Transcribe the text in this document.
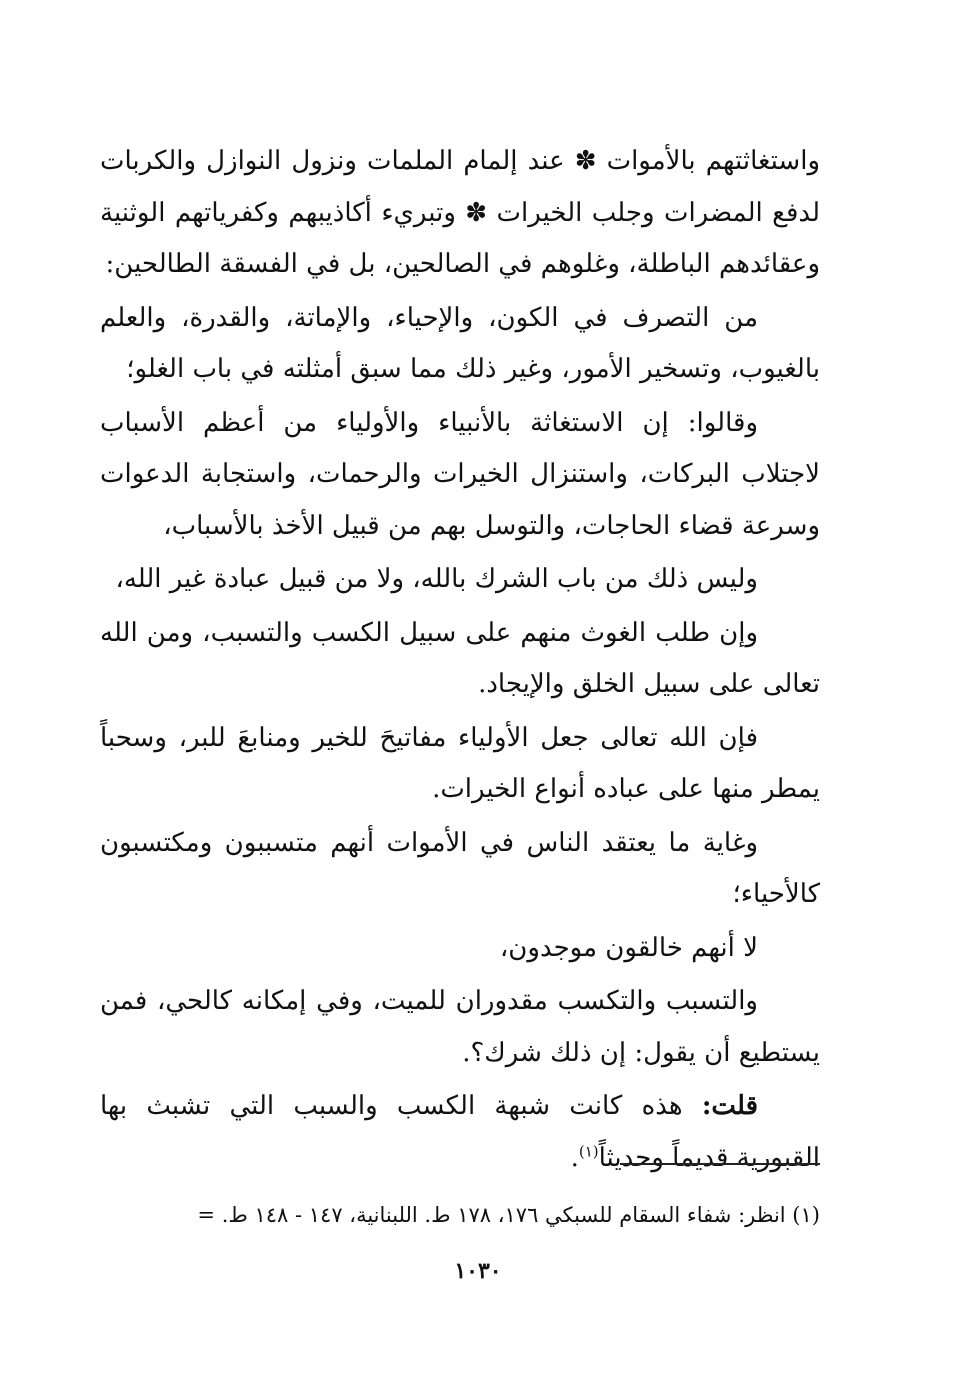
واستغاثتهم بالأموات ✽ عند إلمام الملمات ونزول النوازل والكربات لدفع المضرات وجلب الخيرات ✽ وتبريء أكاذيبهم وكفرياتهم الوثنية وعقائدهم الباطلة، وغلوهم في الصالحين، بل في الفسقة الطالحين:

من التصرف في الكون، والإحياء، والإماتة، والقدرة، والعلم بالغيوب، وتسخير الأمور، وغير ذلك مما سبق أمثلته في باب الغلو؛

وقالوا: إن الاستغاثة بالأنبياء والأولياء من أعظم الأسباب لاجتلاب البركات، واستنزال الخيرات والرحمات، واستجابة الدعوات وسرعة قضاء الحاجات، والتوسل بهم من قبيل الأخذ بالأسباب،

وليس ذلك من باب الشرك بالله، ولا من قبيل عبادة غير الله،

وإن طلب الغوث منهم على سبيل الكسب والتسبب، ومن الله تعالى على سبيل الخلق والإيجاد.

فإن الله تعالى جعل الأولياء مفاتيحَ للخير ومنابعَ للبر، وسحباً يمطر منها على عباده أنواع الخيرات.

وغاية ما يعتقد الناس في الأموات أنهم متسببون ومكتسبون كالأحياء؛

لا أنهم خالقون موجدون،

والتسبب والتكسب مقدوران للميت، وفي إمكانه كالحي، فمن يستطيع أن يقول: إن ذلك شرك؟.

قلت: هذه كانت شبهة الكسب والسبب التي تشبث بها القبورية قديماً وحديثاً$^{(١)}$.

(١) انظر: شفاء السقام للسبكي ١٧٦، ١٧٨ ط. اللبنانية، ١٤٧ - ١٤٨ ط. =
١٠٣٠
